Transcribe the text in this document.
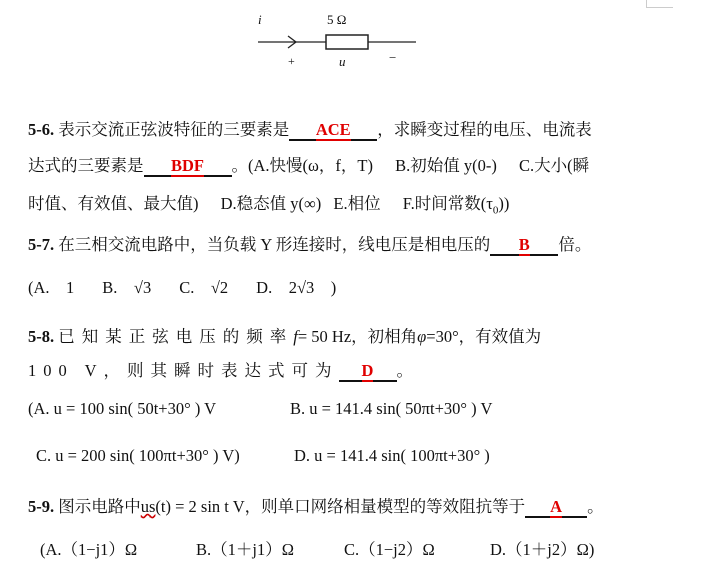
i	5 Ω
+	u	−
5-6. 表示交流正弦波特征的三要素是 ACE ，求瞬变过程的电压、电流表
达式的三要素是 BDF 。(A.快慢(ω，f，T) B.初始值 y(0-) C.大小(瞬
时值、有效值、最大值) D.稳态值 y(∞) E.相位 F.时间常数$(\tau_0)$)
5-7. 在三相交流电路中，当负载 Y 形连接时，线电压是相电压的 B 倍。
(A.　1 B.　√3 C.　√2 D.　2√3　)
5-8. 已知某正弦电压的频率f= 50 Hz，初相角φ=30°，有效值为
100 V，则其瞬时表达式可为 D 。
(A. u = 100 sin( 50t+30° ) V	B. u = 141.4 sin( 50πt+30° ) V
C. u = 200 sin( 100πt+30° ) V)	D. u = 141.4 sin( 100πt+30° )
5-9. 图示电路中us(t) = 2 sin t V，则单口网络相量模型的等效阻抗等于 A 。
(A.（1−j1）Ω	B.（1＋j1）Ω	C.（1−j2）Ω	D.（1＋j2）Ω)
